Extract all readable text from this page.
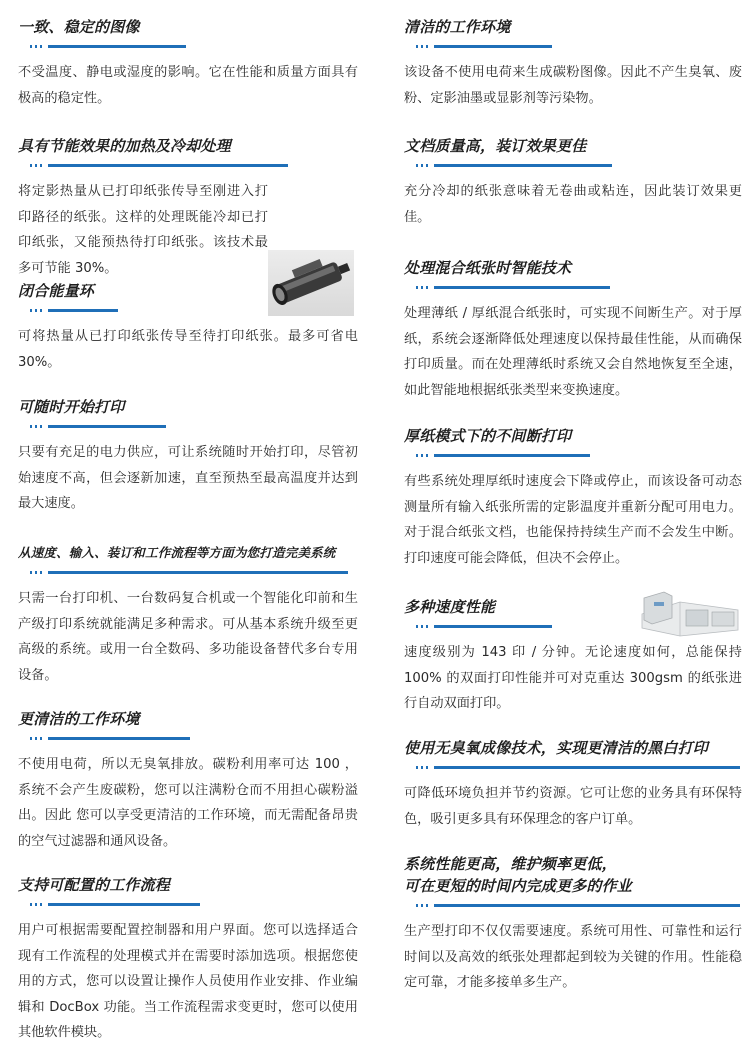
一致、稳定的图像

不受温度、静电或湿度的影响。它在性能和质量方面具有极高的稳定性。

具有节能效果的加热及冷却处理

将定影热量从已打印纸张传导至刚进入打印路径的纸张。这样的处理既能冷却已打印纸张，又能预热待打印纸张。该技术最多可节能 30%。

闭合能量环

可将热量从已打印纸张传导至待打印纸张。最多可省电 30%。

可随时开始打印

只要有充足的电力供应，可让系统随时开始打印，尽管初始速度不高，但会逐新加速，直至预热至最高温度并达到最大速度。

从速度、输入、装订和工作流程等方面为您打造完美系统

只需一台打印机、一台数码复合机或一个智能化印前和生产级打印系统就能满足多种需求。可从基本系统升级至更高级的系统。或用一台全数码、多功能设备替代多台专用设备。

更清洁的工作环境

不使用电荷，所以无臭氧排放。碳粉利用率可达 100 ， 系统不会产生废碳粉，您可以注满粉仓而不用担心碳粉溢出。因此 您可以享受更清洁的工作环境，而无需配备昂贵的空气过滤器和通风设备。

支持可配置的工作流程

用户可根据需要配置控制器和用户界面。您可以选择适合现有工作流程的处理模式并在需要时添加选项。根据您使用的方式，您可以设置让操作人员使用作业安排、作业编辑和 DocBox 功能。当工作流程需求变更时，您可以使用其他软件模块。

清洁的工作环境

该设备不使用电荷来生成碳粉图像。因此不产生臭氧、废粉、定影油墨或显影剂等污染物。

文档质量高，装订效果更佳

充分冷却的纸张意味着无卷曲或粘连，因此装订效果更佳。

处理混合纸张时智能技术

处理薄纸 / 厚纸混合纸张时，可实现不间断生产。对于厚纸，系统会逐渐降低处理速度以保持最佳性能，从而确保打印质量。而在处理薄纸时系统又会自然地恢复至全速，如此智能地根据纸张类型来变换速度。

厚纸模式下的不间断打印

有些系统处理厚纸时速度会下降或停止，而该设备可动态测量所有输入纸张所需的定影温度并重新分配可用电力。对于混合纸张文档，也能保持持续生产而不会发生中断。打印速度可能会降低，但决不会停止。

多种速度性能

速度级别为 143 印 / 分钟。无论速度如何，总能保持 100% 的双面打印性能并可对克重达 300gsm 的纸张进行自动双面打印。

使用无臭氧成像技术，实现更清洁的黑白打印

可降低环境负担并节约资源。它可让您的业务具有环保特色，吸引更多具有环保理念的客户订单。

系统性能更高，维护频率更低，
可在更短的时间内完成更多的作业

生产型打印不仅仅需要速度。系统可用性、可靠性和运行时间以及高效的纸张处理都起到较为关键的作用。性能稳定可靠，才能多接单多生产。
